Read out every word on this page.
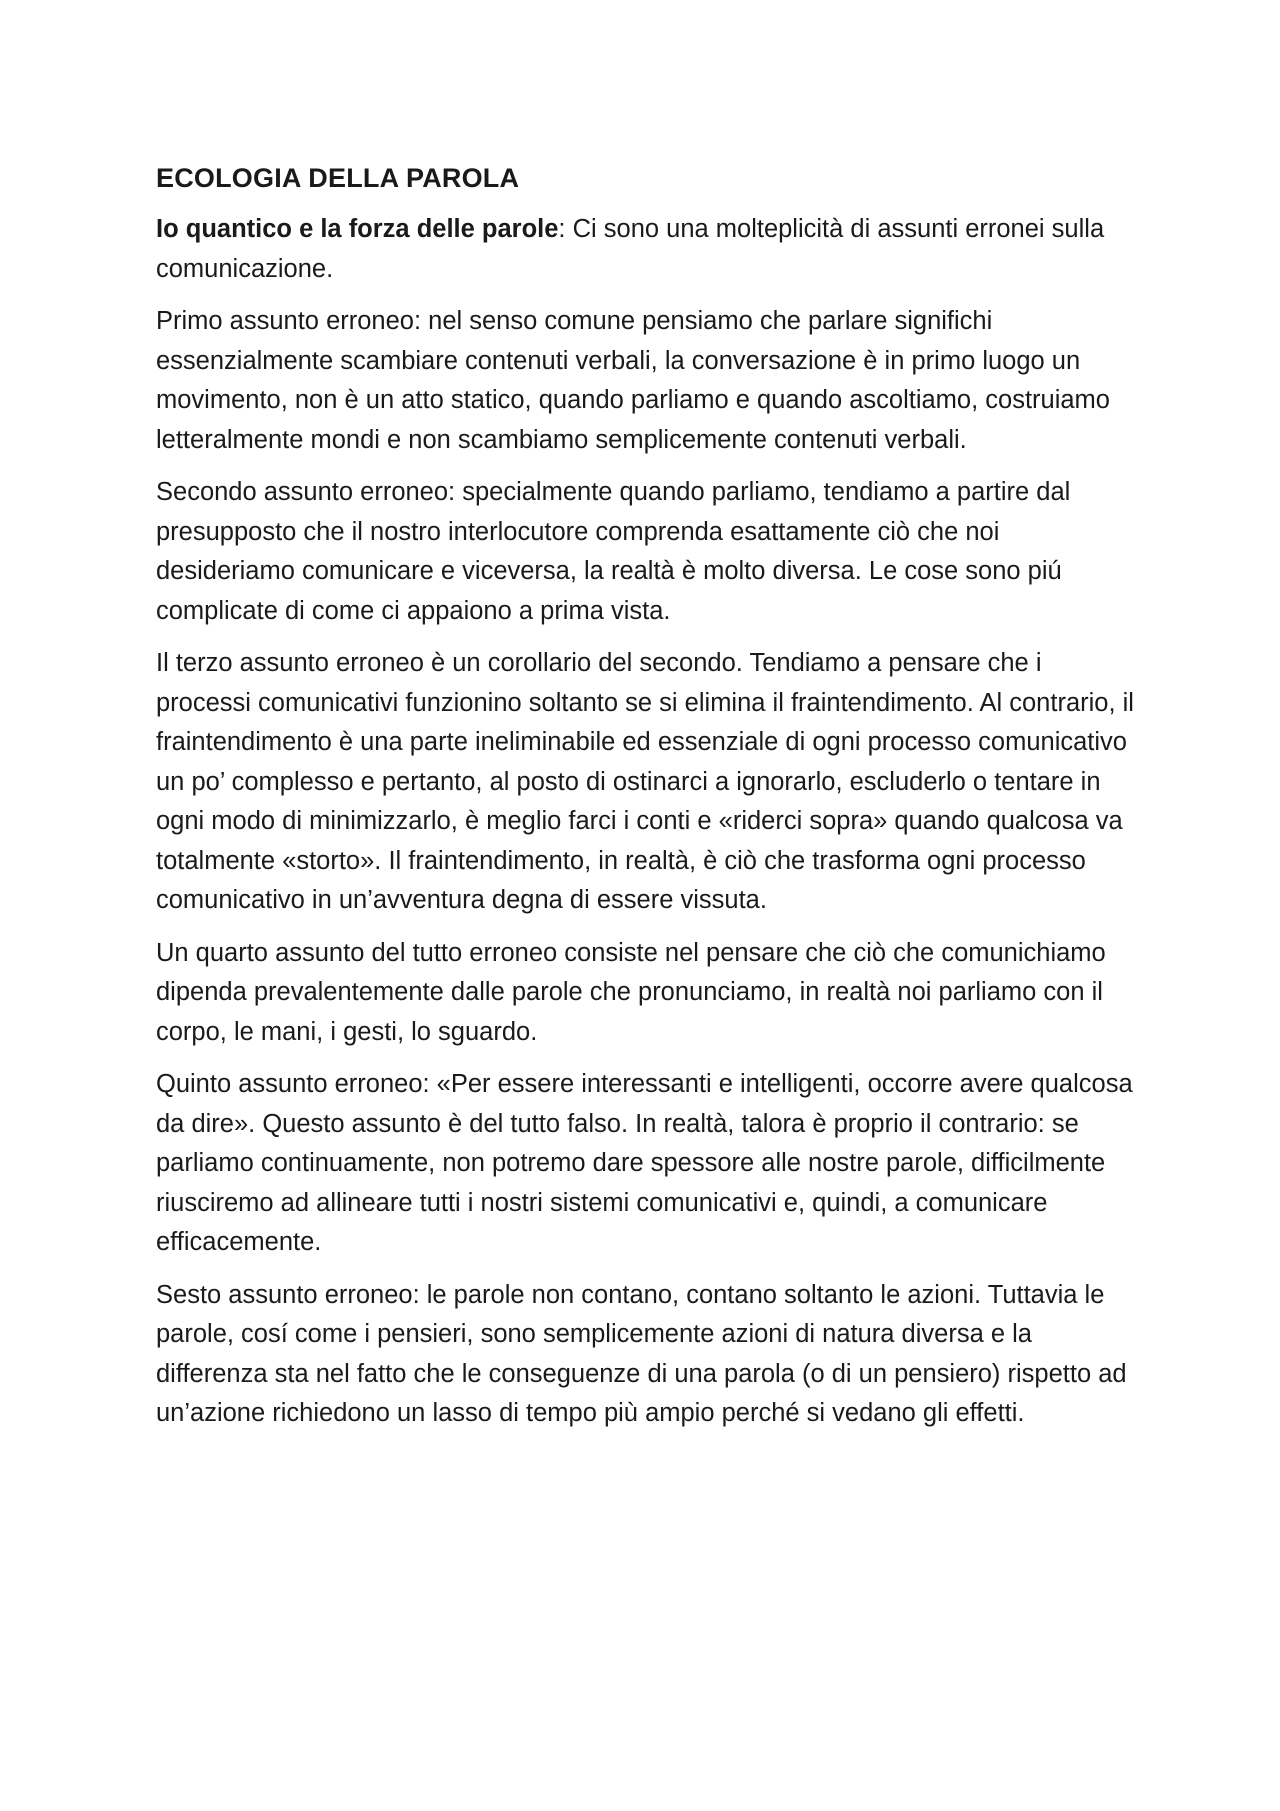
ECOLOGIA DELLA PAROLA
Io quantico e la forza delle parole: Ci sono una molteplicità di assunti erronei sulla comunicazione.
Primo assunto erroneo: nel senso comune pensiamo che parlare significhi essenzialmente scambiare contenuti verbali, la conversazione è in primo luogo un movimento, non è un atto statico, quando parliamo e quando ascoltiamo, costruiamo letteralmente mondi e non scambiamo semplicemente contenuti verbali.
Secondo assunto erroneo: specialmente quando parliamo, tendiamo a partire dal presupposto che il nostro interlocutore comprenda esattamente ciò che noi desideriamo comunicare e viceversa, la realtà è molto diversa. Le cose sono piú complicate di come ci appaiono a prima vista.
Il terzo assunto erroneo è un corollario del secondo. Tendiamo a pensare che i processi comunicativi funzionino soltanto se si elimina il fraintendimento. Al contrario, il fraintendimento è una parte ineliminabile ed essenziale di ogni processo comunicativo un po’ complesso e pertanto, al posto di ostinarci a ignorarlo, escluderlo o tentare in ogni modo di minimizzarlo, è meglio farci i conti e «riderci sopra» quando qualcosa va totalmente «storto». Il fraintendimento, in realtà, è ciò che trasforma ogni processo comunicativo in un’avventura degna di essere vissuta.
Un quarto assunto del tutto erroneo consiste nel pensare che ciò che comunichiamo dipenda prevalentemente dalle parole che pronunciamo, in realtà noi parliamo con il corpo, le mani, i gesti, lo sguardo.
Quinto assunto erroneo: «Per essere interessanti e intelligenti, occorre avere qualcosa da dire». Questo assunto è del tutto falso. In realtà, talora è proprio il contrario: se parliamo continuamente, non potremo dare spessore alle nostre parole, difficilmente riusciremo ad allineare tutti i nostri sistemi comunicativi e, quindi, a comunicare efficacemente.
Sesto assunto erroneo: le parole non contano, contano soltanto le azioni. Tuttavia le parole, cosí come i pensieri, sono semplicemente azioni di natura diversa e la differenza sta nel fatto che le conseguenze di una parola (o di un pensiero) rispetto ad un’azione richiedono un lasso di tempo più ampio perché si vedano gli effetti.
